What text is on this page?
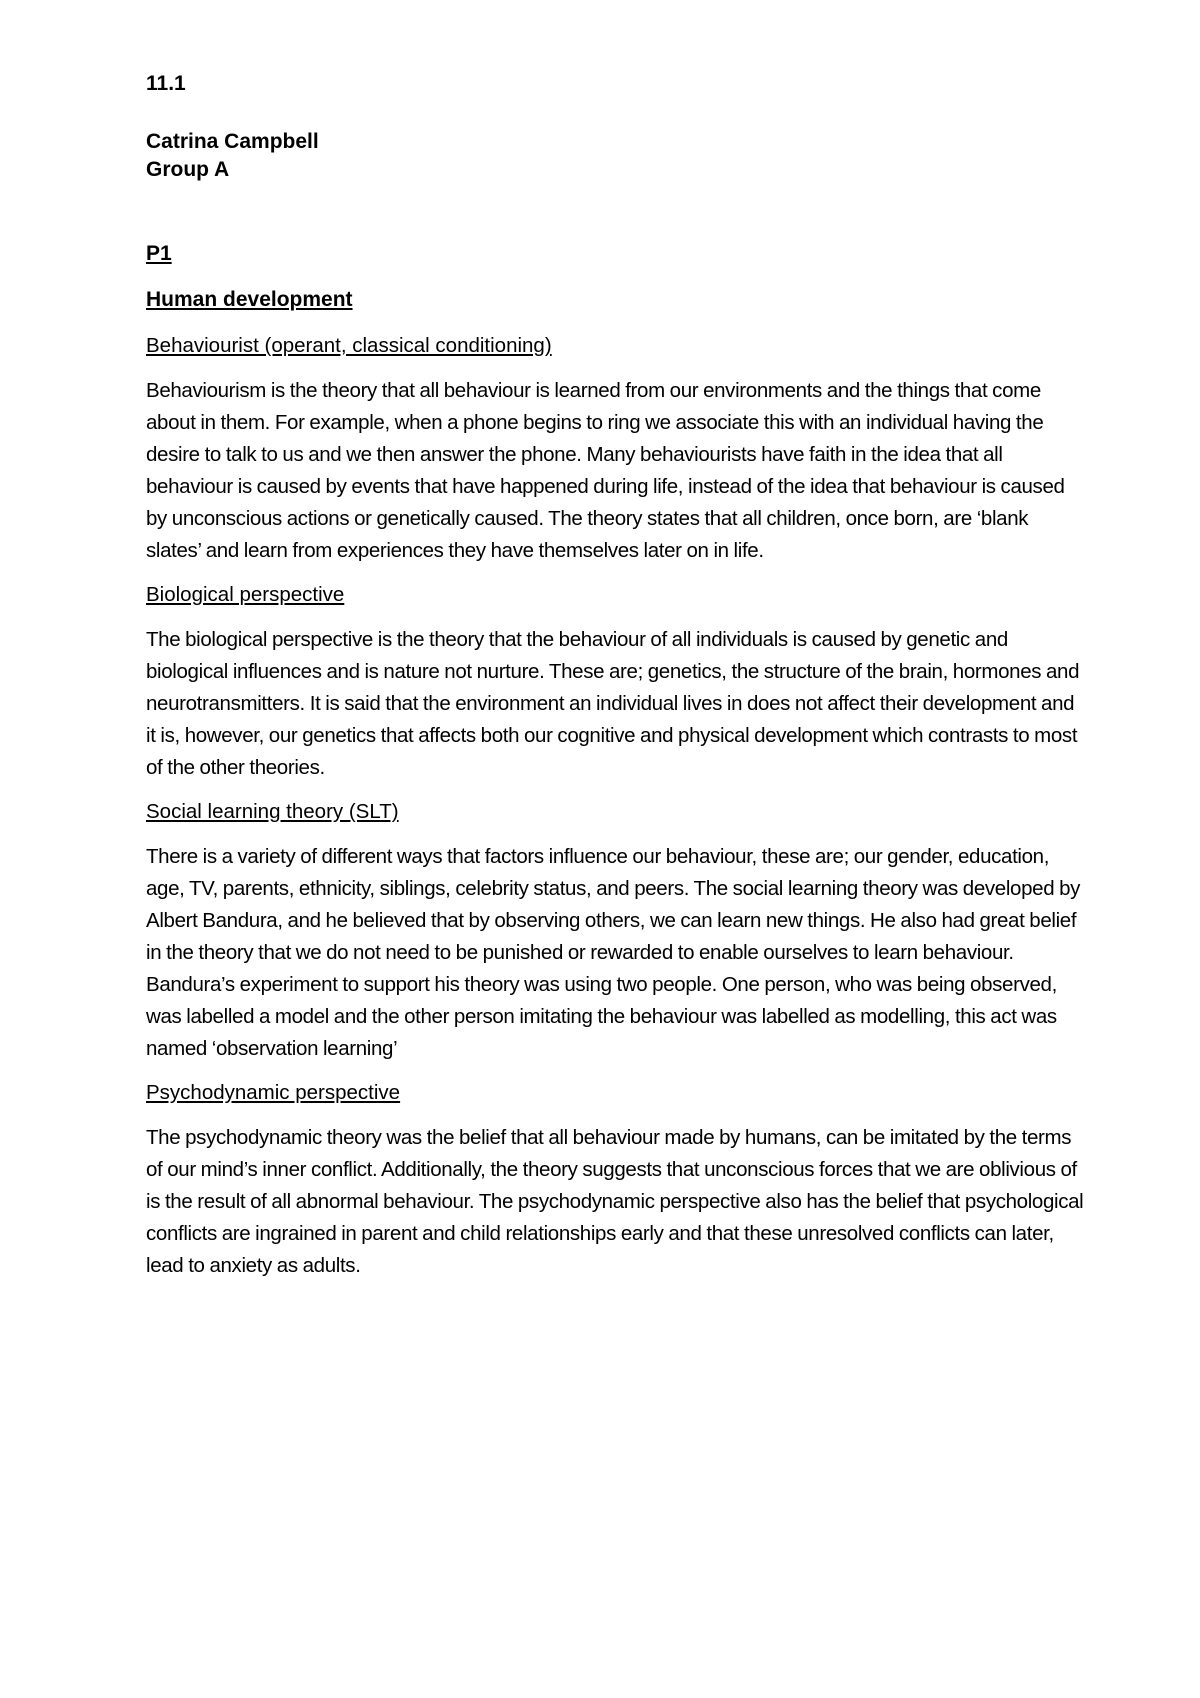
11.1

Catrina Campbell

Group A

P1

Human development

Behaviourist (operant, classical conditioning)

Behaviourism is the theory that all behaviour is learned from our environments and the things that come about in them. For example, when a phone begins to ring we associate this with an individual having the desire to talk to us and we then answer the phone. Many behaviourists have faith in the idea that all behaviour is caused by events that have happened during life, instead of the idea that behaviour is caused by unconscious actions or genetically caused. The theory states that all children, once born, are ‘blank slates’ and learn from experiences they have themselves later on in life.

Biological perspective

The biological perspective is the theory that the behaviour of all individuals is caused by genetic and biological influences and is nature not nurture. These are; genetics, the structure of the brain, hormones and neurotransmitters. It is said that the environment an individual lives in does not affect their development and it is, however, our genetics that affects both our cognitive and physical development which contrasts to most of the other theories.

Social learning theory (SLT)

There is a variety of different ways that factors influence our behaviour, these are; our gender, education, age, TV, parents, ethnicity, siblings, celebrity status, and peers. The social learning theory was developed by Albert Bandura, and he believed that by observing others, we can learn new things. He also had great belief in the theory that we do not need to be punished or rewarded to enable ourselves to learn behaviour. Bandura’s experiment to support his theory was using two people. One person, who was being observed, was labelled a model and the other person imitating the behaviour was labelled as modelling, this act was named ‘observation learning’

Psychodynamic perspective

The psychodynamic theory was the belief that all behaviour made by humans, can be imitated by the terms of our mind’s inner conflict. Additionally, the theory suggests that unconscious forces that we are oblivious of is the result of all abnormal behaviour. The psychodynamic perspective also has the belief that psychological conflicts are ingrained in parent and child relationships early and that these unresolved conflicts can later, lead to anxiety as adults.
